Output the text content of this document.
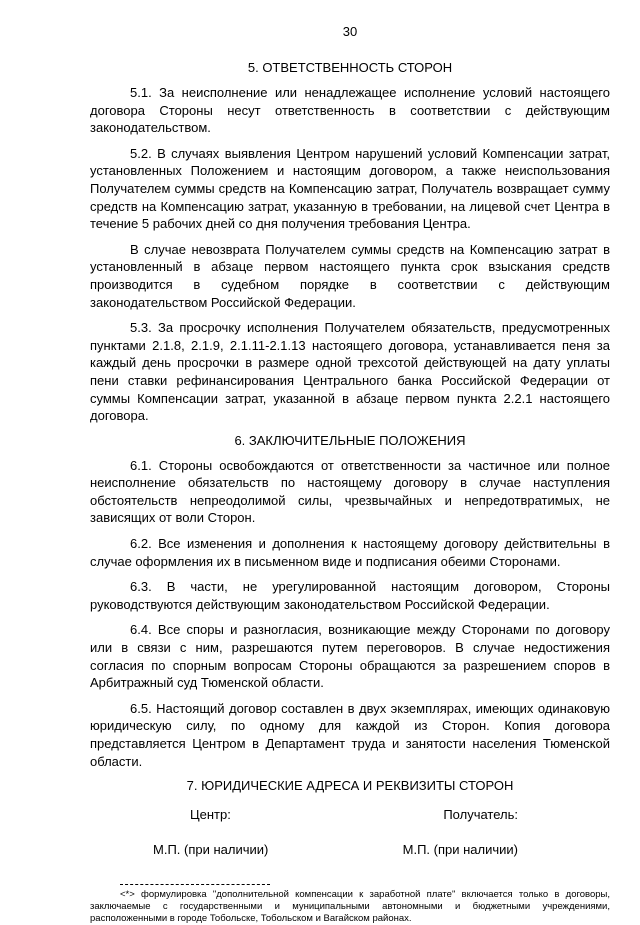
30
5. ОТВЕТСТВЕННОСТЬ СТОРОН

5.1. За неисполнение или ненадлежащее исполнение условий настоящего договора Стороны несут ответственность в соответствии с действующим законодательством.

5.2. В случаях выявления Центром нарушений условий Компенсации затрат, установленных Положением и настоящим договором, а также неиспользования Получателем суммы средств на Компенсацию затрат, Получатель возвращает сумму средств на Компенсацию затрат, указанную в требовании, на лицевой счет Центра в течение 5 рабочих дней со дня получения требования Центра.

В случае невозврата Получателем суммы средств на Компенсацию затрат в установленный в абзаце первом настоящего пункта срок взыскания средств производится в судебном порядке в соответствии с действующим законодательством Российской Федерации.

5.3. За просрочку исполнения Получателем обязательств, предусмотренных пунктами 2.1.8, 2.1.9, 2.1.11-2.1.13 настоящего договора, устанавливается пеня за каждый день просрочки в размере одной трехсотой действующей на дату уплаты пени ставки рефинансирования Центрального банка Российской Федерации от суммы Компенсации затрат, указанной в абзаце первом пункта 2.2.1 настоящего договора.

6. ЗАКЛЮЧИТЕЛЬНЫЕ ПОЛОЖЕНИЯ

6.1. Стороны освобождаются от ответственности за частичное или полное неисполнение обязательств по настоящему договору в случае наступления обстоятельств непреодолимой силы, чрезвычайных и непредотвратимых, не зависящих от воли Сторон.

6.2. Все изменения и дополнения к настоящему договору действительны в случае оформления их в письменном виде и подписания обеими Сторонами.

6.3. В части, не урегулированной настоящим договором, Стороны руководствуются действующим законодательством Российской Федерации.

6.4. Все споры и разногласия, возникающие между Сторонами по договору или в связи с ним, разрешаются путем переговоров. В случае недостижения согласия по спорным вопросам Стороны обращаются за разрешением споров в Арбитражный суд Тюменской области.

6.5. Настоящий договор составлен в двух экземплярах, имеющих одинаковую юридическую силу, по одному для каждой из Сторон. Копия договора представляется Центром в Департамент труда и занятости населения Тюменской области.

7. ЮРИДИЧЕСКИЕ АДРЕСА И РЕКВИЗИТЫ СТОРОН
Центр:	Получатель:
М.П. (при наличии)	М.П. (при наличии)

<*> формулировка "дополнительной компенсации к заработной плате" включается только в договоры, заключаемые с государственными и муниципальными автономными и бюджетными учреждениями, расположенными в городе Тобольске, Тобольском и Вагайском районах.
